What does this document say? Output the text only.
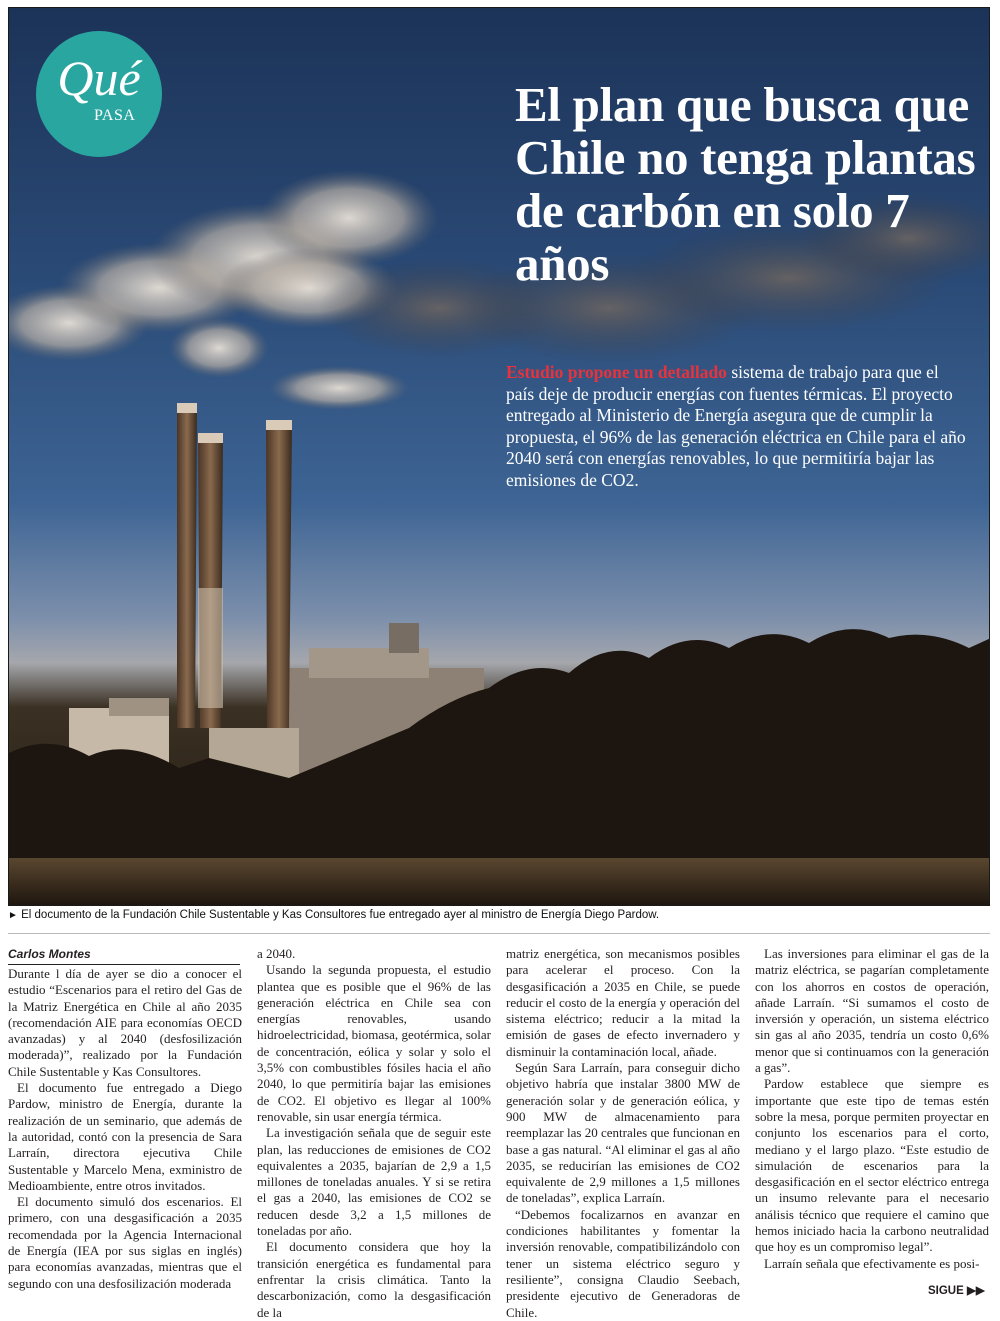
Qué
PASA	El plan que busca que Chile no tenga plantas de carbón en solo 7 años
Estudio propone un detallado sistema de trabajo para que el país deje de producir energías con fuentes térmicas. El proyecto entregado al Ministerio de Energía asegura que de cumplir la propuesta, el 96% de las generación eléctrica en Chile para el año 2040 será con energías renovables, lo que permitiría bajar las emisiones de CO2.
► El documento de la Fundación Chile Sustentable y Kas Consultores fue entregado ayer al ministro de Energía Diego Pardow.
Carlos Montes

Durante l día de ayer se dio a conocer el estudio “Escenarios para el retiro del Gas de la Matriz Energética en Chile al año 2035 (recomendación AIE para economías OECD avanzadas) y al 2040 (desfosilización moderada)”, realizado por la Fundación Chile Sustentable y Kas Consultores.

El documento fue entregado a Diego Pardow, ministro de Energía, durante la realización de un seminario, que además de la autoridad, contó con la presencia de Sara Larraín, directora ejecutiva Chile Sustentable y Marcelo Mena, exministro de Medioambiente, entre otros invitados.

El documento simuló dos escenarios. El primero, con una desgasificación a 2035 recomendada por la Agencia Internacional de Energía (IEA por sus siglas en inglés) para economías avanzadas, mientras que el segundo con una desfosilización moderada

a 2040.

Usando la segunda propuesta, el estudio plantea que es posible que el 96% de las generación eléctrica en Chile sea con energías renovables, usando hidroelectricidad, biomasa, geotérmica, solar de concentración, eólica y solar y solo el 3,5% con combustibles fósiles hacia el año 2040, lo que permitiría bajar las emisiones de CO2. El objetivo es llegar al 100% renovable, sin usar energía térmica.

La investigación señala que de seguir este plan, las reducciones de emisiones de CO2 equivalentes a 2035, bajarían de 2,9 a 1,5 millones de toneladas anuales. Y si se retira el gas a 2040, las emisiones de CO2 se reducen desde 3,2 a 1,5 millones de toneladas por año.

El documento considera que hoy la transición energética es fundamental para enfrentar la crisis climática. Tanto la descarbonización, como la desgasificación de la

matriz energética, son mecanismos posibles para acelerar el proceso. Con la desgasificación a 2035 en Chile, se puede reducir el costo de la energía y operación del sistema eléctrico; reducir a la mitad la emisión de gases de efecto invernadero y disminuir la contaminación local, añade.

Según Sara Larraín, para conseguir dicho objetivo habría que instalar 3800 MW de generación solar y de generación eólica, y 900 MW de almacenamiento para reemplazar las 20 centrales que funcionan en base a gas natural. “Al eliminar el gas al año 2035, se reducirían las emisiones de CO2 equivalente de 2,9 millones a 1,5 millones de toneladas”, explica Larraín.

“Debemos focalizarnos en avanzar en condiciones habilitantes y fomentar la inversión renovable, compatibilizándolo con tener un sistema eléctrico seguro y resiliente”, consigna Claudio Seebach, presidente ejecutivo de Generadoras de Chile.

Las inversiones para eliminar el gas de la matriz eléctrica, se pagarían completamente con los ahorros en costos de operación, añade Larraín. “Si sumamos el costo de inversión y operación, un sistema eléctrico sin gas al año 2035, tendría un costo 0,6% menor que si continuamos con la generación a gas”.

Pardow establece que siempre es importante que este tipo de temas estén sobre la mesa, porque permiten proyectar en conjunto los escenarios para el corto, mediano y el largo plazo. “Este estudio de simulación de escenarios para la desgasificación en el sector eléctrico entrega un insumo relevante para el necesario análisis técnico que requiere el camino que hemos iniciado hacia la carbono neutralidad que hoy es un compromiso legal”.

Larraín señala que efectivamente es posi-

SIGUE ▶▶
